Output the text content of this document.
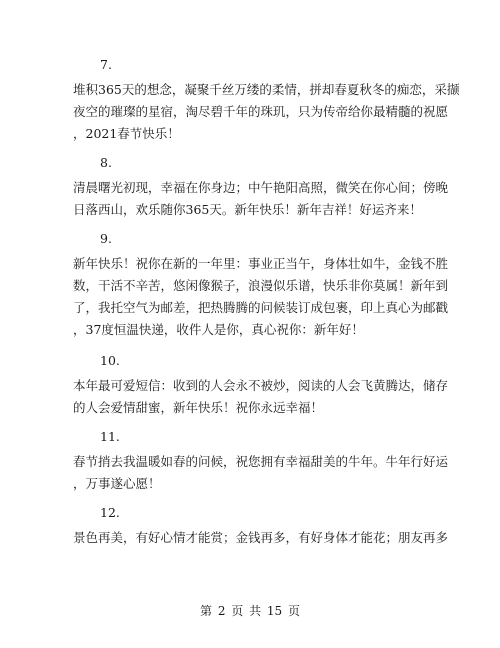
7.

堆积365天的想念，凝聚千丝万缕的柔情，拼却春夏秋冬的痴恋，采撷

夜空的璀璨的星宿，淘尽碧千年的珠玑，只为传帝给你最精髓的祝愿

，2021春节快乐！

8.

清晨曙光初现，幸福在你身边；中午艳阳高照，微笑在你心间；傍晚

日落西山，欢乐随你365天。新年快乐！新年吉祥！好运齐来！

9.

新年快乐！祝你在新的一年里：事业正当午，身体壮如牛，金钱不胜

数，干活不辛苦，悠闲像猴子，浪漫似乐谱，快乐非你莫属！新年到

了，我托空气为邮差，把热腾腾的问候装订成包裹，印上真心为邮戳

，37度恒温快递，收件人是你，真心祝你：新年好！

10.

本年最可爱短信：收到的人会永不被炒，阅读的人会飞黄腾达，储存

的人会爱情甜蜜，新年快乐！祝你永远幸福！

11.

春节捎去我温暖如春的问候，祝您拥有幸福甜美的牛年。牛年行好运

，万事遂心愿！

12.

景色再美，有好心情才能赏；金钱再多，有好身体才能花；朋友再多

第 2 页 共 15 页
